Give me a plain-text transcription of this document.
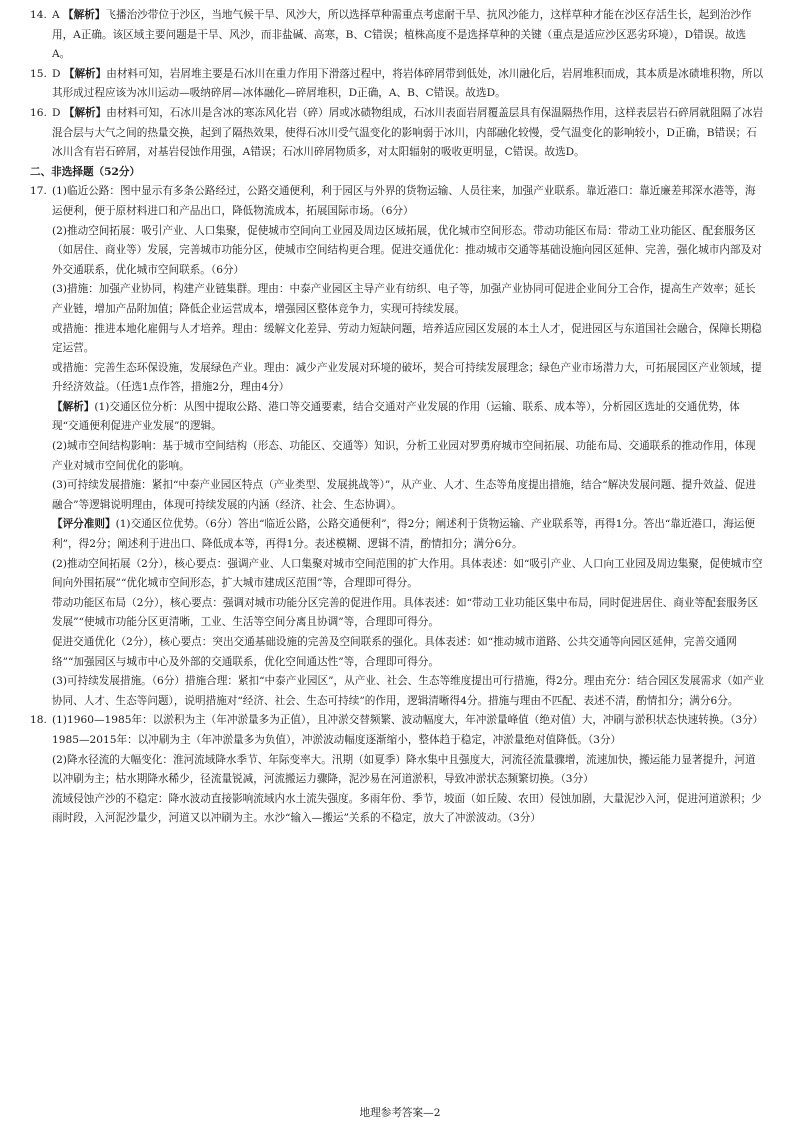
14. A 【解析】飞播治沙带位于沙区，当地气候干旱、风沙大，所以选择草种需重点考虑耐干旱、抗风沙能力，这样草种才能在沙区存活生长，起到治沙作用，A正确。该区域主要问题是干旱、风沙，而非盐碱、高寒，B、C错误；植株高度不是选择草种的关键（重点是适应沙区恶劣环境），D错误。故选A。
15. D 【解析】由材料可知，岩屑堆主要是石冰川在重力作用下滑落过程中，将岩体碎屑带到低处，冰川融化后，岩屑堆积而成，其本质是冰碛堆积物，所以其形成过程应该为冰川运动—吸纳碎屑—冰体融化—碎屑堆积，D正确，A、B、C错误。故选D。
16. D 【解析】由材料可知，石冰川是含冰的寒冻风化岩（碎）屑或冰碛物组成，石冰川表面岩屑覆盖层具有保温隔热作用，这样表层岩石碎屑就阻隔了冰岩混合层与大气之间的热量交换，起到了隔热效果，使得石冰川受气温变化的影响弱于冰川，内部融化较慢，受气温变化的影响较小，D正确，B错误；石冰川含有岩石碎屑，对基岩侵蚀作用强，A错误；石冰川碎屑物质多，对太阳辐射的吸收更明显，C错误。故选D。
二、非选择题（52分）
17. (1)临近公路：图中显示有多条公路经过，公路交通便利，利于园区与外界的货物运输、人员往来，加强产业联系。靠近港口：靠近廉差邦深水港等，海运便利，便于原材料进口和产品出口，降低物流成本，拓展国际市场。（6分）
(2)推动空间拓展：吸引产业、人口集聚，促使城市空间向工业园及周边区域拓展，优化城市空间形态。带动功能区布局：带动工业功能区、配套服务区（如居住、商业等）发展，完善城市功能分区，使城市空间结构更合理。促进交通优化：推动城市交通等基础设施向园区延伸、完善，强化城市内部及对外交通联系，优化城市空间联系。（6分）
(3)措施：加强产业协同，构建产业链集群。理由：中泰产业园区主导产业有纺织、电子等，加强产业协同可促进企业间分工合作，提高生产效率；延长产业链，增加产品附加值；降低企业运营成本，增强园区整体竞争力，实现可持续发展。
或措施：推进本地化雇佣与人才培养。理由：缓解文化差异、劳动力短缺问题，培养适应园区发展的本土人才，促进园区与东道国社会融合，保障长期稳定运营。
或措施：完善生态环保设施，发展绿色产业。理由：减少产业发展对环境的破坏，契合可持续发展理念；绿色产业市场潜力大，可拓展园区产业领域，提升经济效益。（任选1点作答，措施2分，理由4分）
【解析】(1)交通区位分析：从图中提取公路、港口等交通要素，结合交通对产业发展的作用（运输、联系、成本等），分析园区选址的交通优势，体现“交通便利促进产业发展”的逻辑。
(2)城市空间结构影响：基于城市空间结构（形态、功能区、交通等）知识，分析工业园对罗勇府城市空间拓展、功能布局、交通联系的推动作用，体现产业对城市空间优化的影响。
(3)可持续发展措施：紧扣“中泰产业园区特点（产业类型、发展挑战等）”，从产业、人才、生态等角度提出措施，结合“解决发展问题、提升效益、促进融合”等逻辑说明理由，体现可持续发展的内涵（经济、社会、生态协调）。
【评分准则】(1)交通区位优势。（6分）答出“临近公路，公路交通便利”，得2分；阐述利于货物运输、产业联系等，再得1分。答出“靠近港口，海运便利”，得2分；阐述利于进出口、降低成本等，再得1分。表述模糊、逻辑不清，酌情扣分；满分6分。
(2)推动空间拓展（2分），核心要点：强调产业、人口集聚对城市空间范围的扩大作用。具体表述：如“吸引产业、人口向工业园及周边集聚，促使城市空间向外围拓展”“优化城市空间形态，扩大城市建成区范围”等，合理即可得分。
带动功能区布局（2分），核心要点：强调对城市功能分区完善的促进作用。具体表述：如“带动工业功能区集中布局，同时促进居住、商业等配套服务区发展”“使城市功能分区更清晰，工业、生活等空间分离且协调”等，合理即可得分。
促进交通优化（2分），核心要点：突出交通基础设施的完善及空间联系的强化。具体表述：如“推动城市道路、公共交通等向园区延伸，完善交通网络”“加强园区与城市中心及外部的交通联系，优化空间通达性”等，合理即可得分。
(3)可持续发展措施。（6分）措施合理：紧扣“中泰产业园区”，从产业、社会、生态等维度提出可行措施，得2分。理由充分：结合园区发展需求（如产业协同、人才、生态等问题），说明措施对“经济、社会、生态可持续”的作用，逻辑清晰得4分。措施与理由不匹配、表述不清，酌情扣分；满分6分。
18. (1)1960—1985年：以淤积为主（年冲淤量多为正值），且冲淤交替频繁、波动幅度大，年冲淤量峰值（绝对值）大，冲刷与淤积状态快速转换。（3分）1985—2015年：以冲刷为主（年冲淤量多为负值），冲淤波动幅度逐渐缩小，整体趋于稳定，冲淤量绝对值降低。（3分）
(2)降水径流的大幅变化：淮河流域降水季节、年际变率大。汛期（如夏季）降水集中且强度大，河流径流量骤增，流速加快，搬运能力显著提升，河道以冲刷为主；枯水期降水稀少，径流量锐减，河流搬运力骤降，泥沙易在河道淤积，导致冲淤状态频繁切换。（3分）
流域侵蚀产沙的不稳定：降水波动直接影响流域内水土流失强度。多雨年份、季节，坡面（如丘陵、农田）侵蚀加剧，大量泥沙入河，促进河道淤积；少雨时段，入河泥沙量少，河道又以冲刷为主。水沙“输入—搬运”关系的不稳定，放大了冲淤波动。（3分）
地理参考答案—2
